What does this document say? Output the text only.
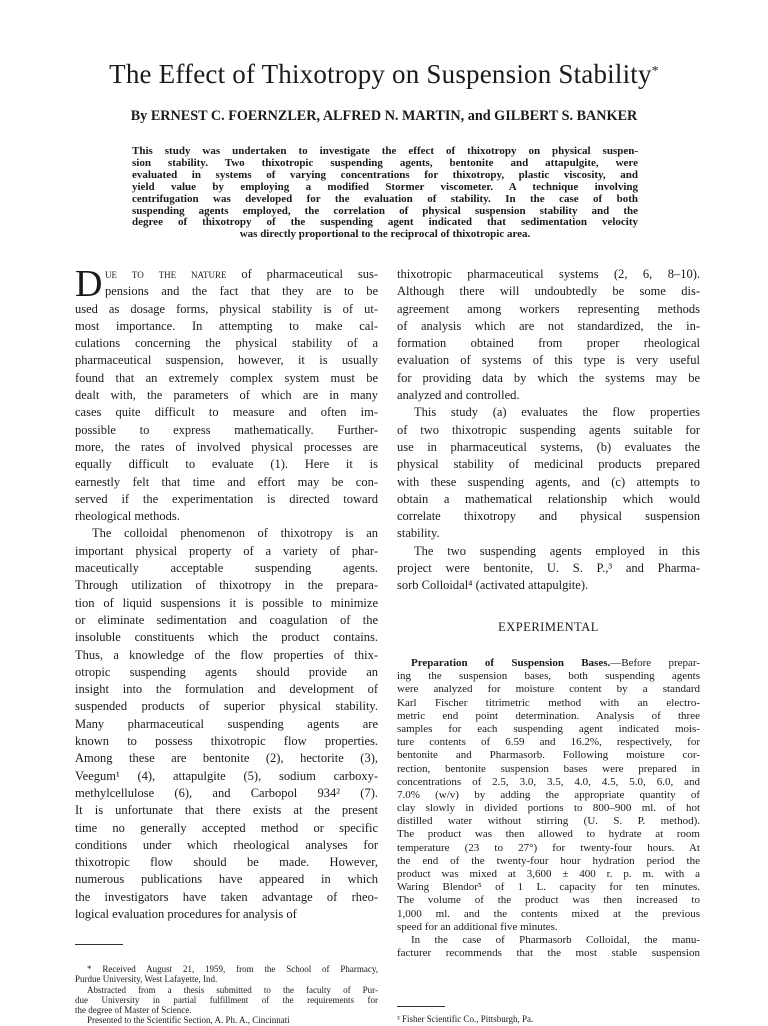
The Effect of Thixotropy on Suspension Stability*
By ERNEST C. FOERNZLER, ALFRED N. MARTIN, and GILBERT S. BANKER
This study was undertaken to investigate the effect of thixotropy on physical suspen-
sion stability. Two thixotropic suspending agents, bentonite and attapulgite, were
evaluated in systems of varying concentrations for thixotropy, plastic viscosity, and
yield value by employing a modified Stormer viscometer. A technique involving
centrifugation was developed for the evaluation of stability. In the case of both
suspending agents employed, the correlation of physical suspension stability and the
degree of thixotropy of the suspending agent indicated that sedimentation velocity
was directly proportional to the reciprocal of thixotropic area.
D ue to the nature of pharmaceutical sus-
pensions and the fact that they are to be
used as dosage forms, physical stability is of ut-
most importance. In attempting to make cal-
culations concerning the physical stability of a
pharmaceutical suspension, however, it is usually
found that an extremely complex system must be
dealt with, the parameters of which are in many
cases quite difficult to measure and often im-
possible to express mathematically. Further-
more, the rates of involved physical processes are
equally difficult to evaluate (1). Here it is
earnestly felt that time and effort may be con-
served if the experimentation is directed toward
rheological methods.
The colloidal phenomenon of thixotropy is an
important physical property of a variety of phar-
maceutically acceptable suspending agents.
Through utilization of thixotropy in the prepara-
tion of liquid suspensions it is possible to minimize
or eliminate sedimentation and coagulation of the
insoluble constituents which the product contains.
Thus, a knowledge of the flow properties of thix-
otropic suspending agents should provide an
insight into the formulation and development of
suspended products of superior physical stability.
Many pharmaceutical suspending agents are
known to possess thixotropic flow properties.
Among these are bentonite (2), hectorite (3),
Veegum¹ (4), attapulgite (5), sodium carboxy-
methylcellulose (6), and Carbopol 934² (7).
It is unfortunate that there exists at the present
time no generally accepted method or specific
conditions under which rheological analyses for
thixotropic flow should be made. However,
numerous publications have appeared in which
the investigators have taken advantage of rheo-
logical evaluation procedures for analysis of
thixotropic pharmaceutical systems (2, 6, 8–10).
Although there will undoubtedly be some dis-
agreement among workers representing methods
of analysis which are not standardized, the in-
formation obtained from proper rheological
evaluation of systems of this type is very useful
for providing data by which the systems may be
analyzed and controlled.
This study (a) evaluates the flow properties
of two thixotropic suspending agents suitable for
use in pharmaceutical systems, (b) evaluates the
physical stability of medicinal products prepared
with these suspending agents, and (c) attempts to
obtain a mathematical relationship which would
correlate thixotropy and physical suspension
stability.
The two suspending agents employed in this
project were bentonite, U. S. P.,³ and Pharma-
sorb Colloidal⁴ (activated attapulgite).
EXPERIMENTAL
Preparation of Suspension Bases.—Before prepar-
ing the suspension bases, both suspending agents
were analyzed for moisture content by a standard
Karl Fischer titrimetric method with an electro-
metric end point determination. Analysis of three
samples for each suspending agent indicated mois-
ture contents of 6.59 and 16.2%, respectively, for
bentonite and Pharmasorb. Following moisture cor-
rection, bentonite suspension bases were prepared in
concentrations of 2.5, 3.0, 3.5, 4.0, 4.5, 5.0, 6.0, and
7.0% (w/v) by adding the appropriate quantity of
clay slowly in divided portions to 800–900 ml. of hot
distilled water without stirring (U. S. P. method).
The product was then allowed to hydrate at room
temperature (23 to 27°) for twenty-four hours. At
the end of the twenty-four hour hydration period the
product was mixed at 3,600 ± 400 r. p. m. with a
Waring Blendor⁵ of 1 L. capacity for ten minutes.
The volume of the product was then increased to
1,000 ml. and the contents mixed at the previous
speed for an additional five minutes.
In the case of Pharmasorb Colloidal, the manu-
facturer recommends that the most stable suspension
* Received August 21, 1959, from the School of Pharmacy,
Purdue University, West Lafayette, Ind.
Abstracted from a thesis submitted to the faculty of Pur-
due University in partial fulfillment of the requirements for
the degree of Master of Science.
Presented to the Scientific Section, A. Ph. A., Cincinnati	³ Fisher Scientific Co., Pittsburgh, Pa.
